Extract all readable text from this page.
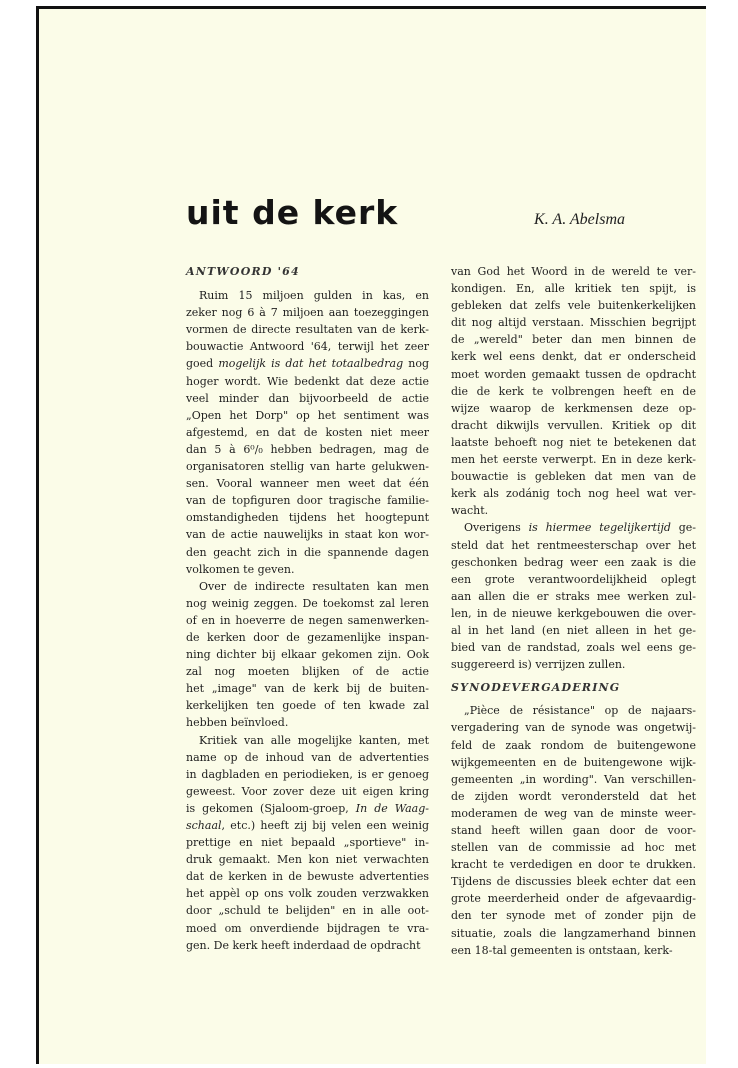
uit de kerk	K. A. Abelsma
ANTWOORD '64
Ruim 15 miljoen gulden in kas, en
zeker nog 6 à 7 miljoen aan toezeggingen
vormen de directe resultaten van de kerk-
bouwactie Antwoord '64, terwijl het zeer
goed mogelijk is dat het totaalbedrag nog
hoger wordt. Wie bedenkt dat deze actie
veel minder dan bijvoorbeeld de actie
„Open het Dorp" op het sentiment was
afgestemd, en dat de kosten niet meer
dan 5 à 6⁰/₀ hebben bedragen, mag de
organisatoren stellig van harte gelukwen-
sen. Vooral wanneer men weet dat één
van de topfiguren door tragische familie-
omstandigheden tijdens het hoogtepunt
van de actie nauwelijks in staat kon wor-
den geacht zich in die spannende dagen
volkomen te geven.
Over de indirecte resultaten kan men
nog weinig zeggen. De toekomst zal leren
of en in hoeverre de negen samenwerken-
de kerken door de gezamenlijke inspan-
ning dichter bij elkaar gekomen zijn. Ook
zal nog moeten blijken of de actie
het „image" van de kerk bij de buiten-
kerkelijken ten goede of ten kwade zal
hebben beïnvloed.
Kritiek van alle mogelijke kanten, met
name op de inhoud van de advertenties
in dagbladen en periodieken, is er genoeg
geweest. Voor zover deze uit eigen kring
is gekomen (Sjaloom-groep, In de Waag-
schaal, etc.) heeft zij bij velen een weinig
prettige en niet bepaald „sportieve" in-
druk gemaakt. Men kon niet verwachten
dat de kerken in de bewuste advertenties
het appèl op ons volk zouden verzwakken
door „schuld te belijden" en in alle oot-
moed om onverdiende bijdragen te vra-
gen. De kerk heeft inderdaad de opdracht
van God het Woord in de wereld te ver-
kondigen. En, alle kritiek ten spijt, is
gebleken dat zelfs vele buitenkerkelijken
dit nog altijd verstaan. Misschien begrijpt
de „wereld" beter dan men binnen de
kerk wel eens denkt, dat er onderscheid
moet worden gemaakt tussen de opdracht
die de kerk te volbrengen heeft en de
wijze waarop de kerkmensen deze op-
dracht dikwijls vervullen. Kritiek op dit
laatste behoeft nog niet te betekenen dat
men het eerste verwerpt. En in deze kerk-
bouwactie is gebleken dat men van de
kerk als zodánig toch nog heel wat ver-
wacht.
Overigens is hiermee tegelijkertijd ge-
steld dat het rentmeesterschap over het
geschonken bedrag weer een zaak is die
een grote verantwoordelijkheid oplegt
aan allen die er straks mee werken zul-
len, in de nieuwe kerkgebouwen die over-
al in het land (en niet alleen in het ge-
bied van de randstad, zoals wel eens ge-
suggereerd is) verrijzen zullen.
SYNODEVERGADERING
„Pièce de résistance" op de najaars-
vergadering van de synode was ongetwij-
feld de zaak rondom de buitengewone
wijkgemeenten en de buitengewone wijk-
gemeenten „in wording". Van verschillen-
de zijden wordt verondersteld dat het
moderamen de weg van de minste weer-
stand heeft willen gaan door de voor-
stellen van de commissie ad hoc met
kracht te verdedigen en door te drukken.
Tijdens de discussies bleek echter dat een
grote meerderheid onder de afgevaardig-
den ter synode met of zonder pijn de
situatie, zoals die langzamerhand binnen
een 18-tal gemeenten is ontstaan, kerk-
